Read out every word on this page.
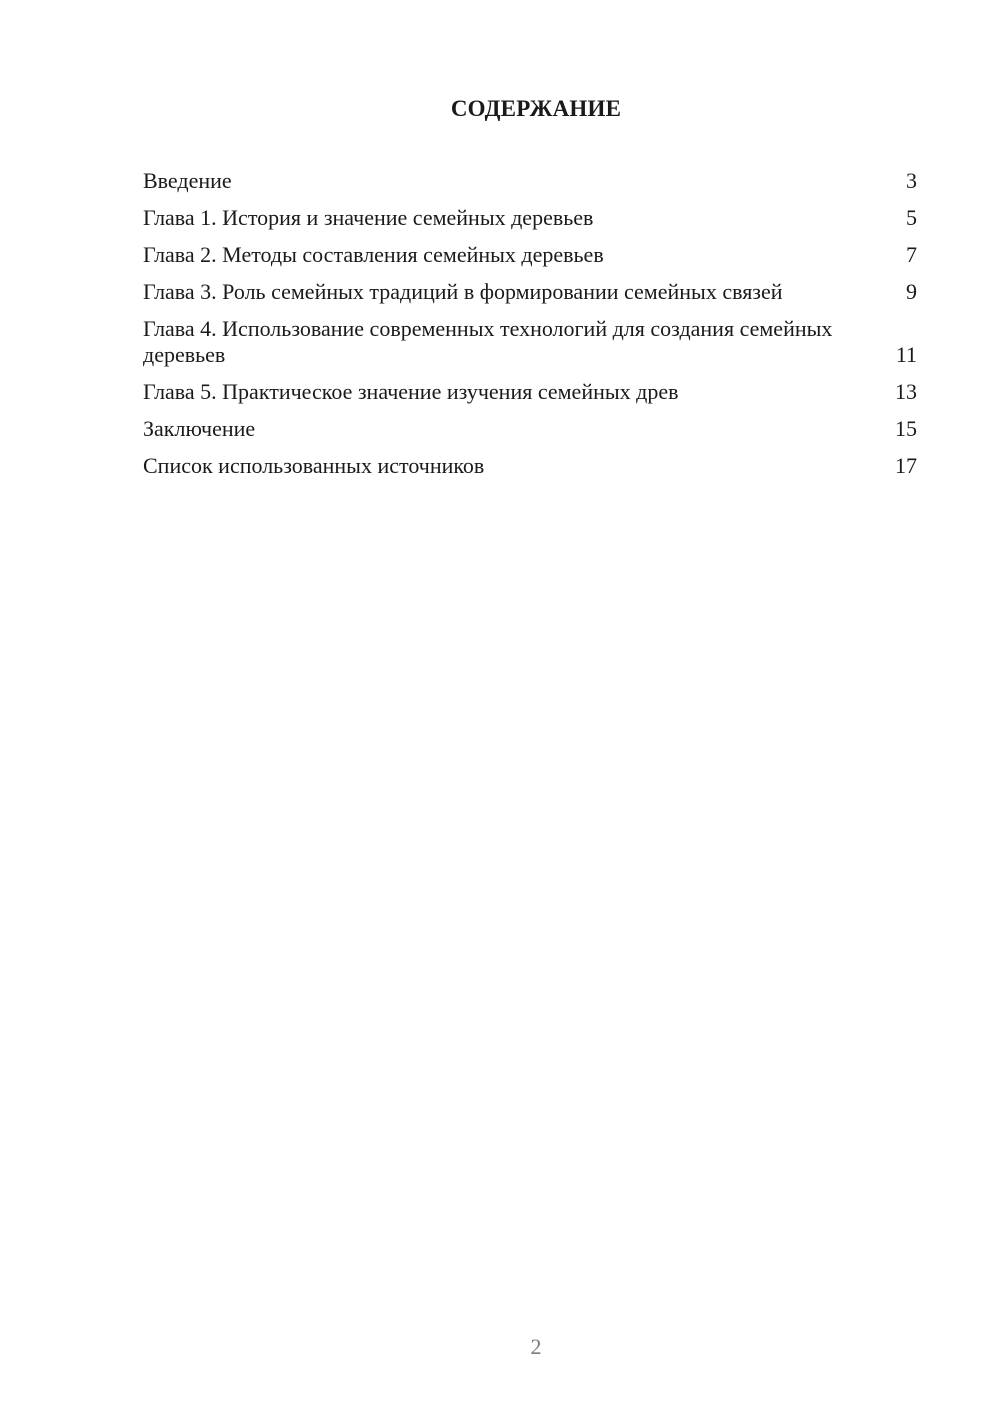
СОДЕРЖАНИЕ
Введение	3
Глава 1. История и значение семейных деревьев	5
Глава 2. Методы составления семейных деревьев	7
Глава 3. Роль семейных традиций в формировании семейных связей	9
Глава 4. Использование современных технологий для создания семейных деревьев	11
Глава 5. Практическое значение изучения семейных древ	13
Заключение	15
Список использованных источников	17
2
